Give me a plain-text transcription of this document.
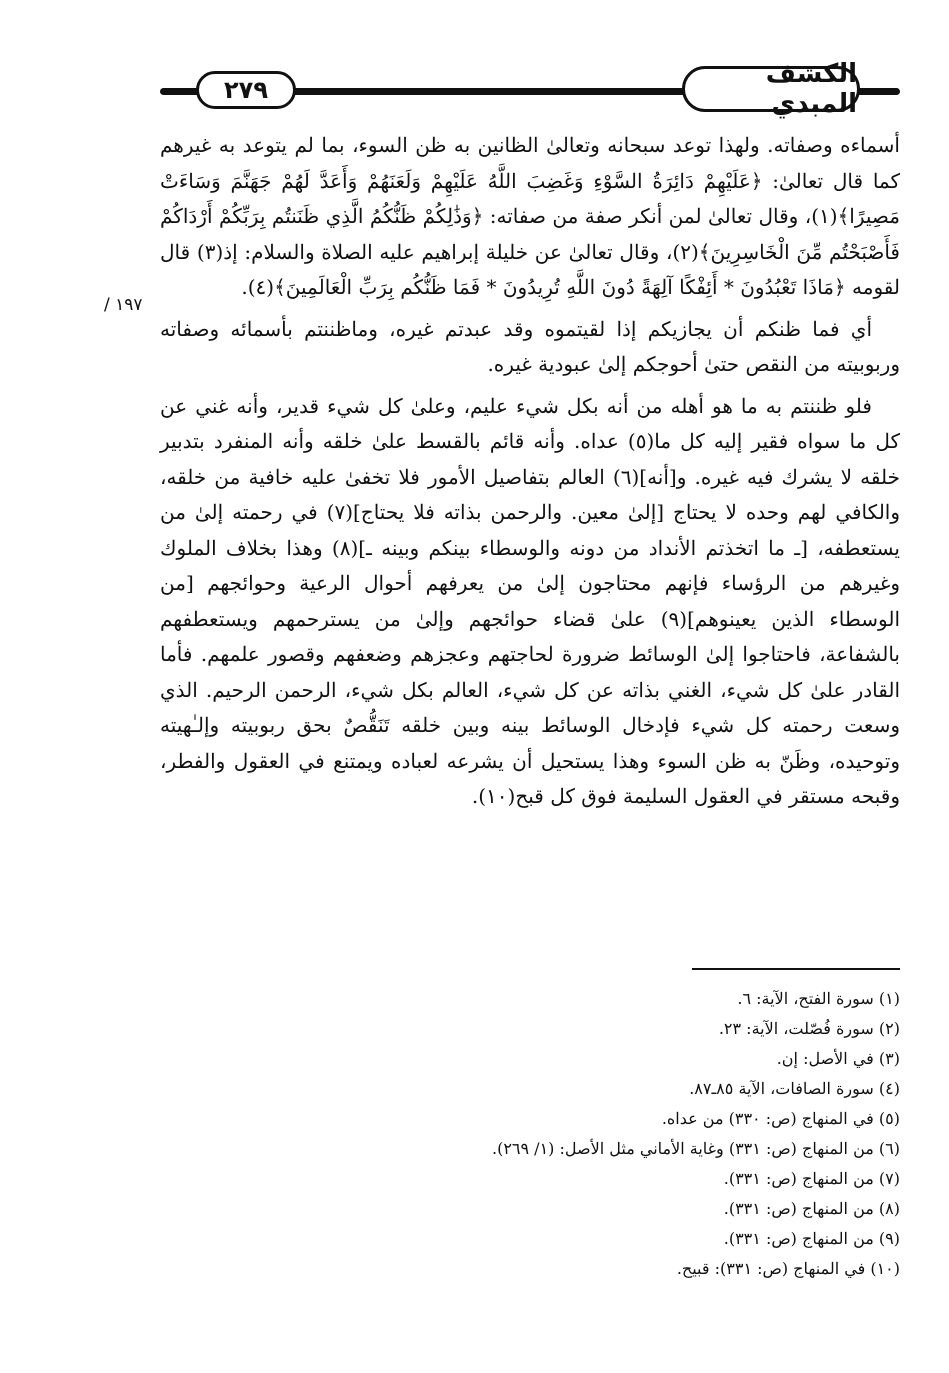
٢٧٩
الكشف المبدي
/ ١٩٧

أسماءه وصفاته. ولهذا توعد سبحانه وتعالىٰ الظانين به ظن السوء، بما لم يتوعد به غيرهم كما قال تعالىٰ: ﴿عَلَيْهِمْ دَائِرَةُ السَّوْءِ وَغَضِبَ اللَّهُ عَلَيْهِمْ وَلَعَنَهُمْ وَأَعَدَّ لَهُمْ جَهَنَّمَ وَسَاءَتْ مَصِيرًا﴾(١)، وقال تعالىٰ لمن أنكر صفة من صفاته: ﴿وَذَٰلِكُمْ ظَنُّكُمُ الَّذِي ظَنَنتُم بِرَبِّكُمْ أَرْدَاكُمْ فَأَصْبَحْتُم مِّنَ الْخَاسِرِينَ﴾(٢)، وقال تعالىٰ عن خليلة إبراهيم عليه الصلاة والسلام: إذ(٣) قال لقومه ﴿مَاذَا تَعْبُدُونَ * أَئِفْكًا آلِهَةً دُونَ اللَّهِ تُرِيدُونَ * فَمَا ظَنُّكُم بِرَبِّ الْعَالَمِينَ﴾(٤).

أي فما ظنكم أن يجازيكم إذا لقيتموه وقد عبدتم غيره، وماظننتم بأسمائه وصفاته وربوبيته من النقص حتىٰ أحوجكم إلىٰ عبودية غيره.

فلو ظننتم به ما هو أهله من أنه بكل شيء عليم، وعلىٰ كل شيء قدير، وأنه غني عن كل ما سواه فقير إليه كل ما(٥) عداه. وأنه قائم بالقسط علىٰ خلقه وأنه المنفرد بتدبير خلقه لا يشرك فيه غيره. و[أنه](٦) العالم بتفاصيل الأمور فلا تخفىٰ عليه خافية من خلقه، والكافي لهم وحده لا يحتاج [إلىٰ معين. والرحمن بذاته فلا يحتاج](٧) في رحمته إلىٰ من يستعطفه، [ـ ما اتخذتم الأنداد من دونه والوسطاء بينكم وبينه ـ](٨) وهذا بخلاف الملوك وغيرهم من الرؤساء فإنهم محتاجون إلىٰ من يعرفهم أحوال الرعية وحوائجهم [من الوسطاء الذين يعينوهم](٩) علىٰ قضاء حوائجهم وإلىٰ من يسترحمهم ويستعطفهم بالشفاعة، فاحتاجوا إلىٰ الوسائط ضرورة لحاجتهم وعجزهم وضعفهم وقصور علمهم. فأما القادر علىٰ كل شيء، الغني بذاته عن كل شيء، العالم بكل شيء، الرحمن الرحيم. الذي وسعت رحمته كل شيء فإدخال الوسائط بينه وبين خلقه تَنَقُّصٌ بحق ربوبيته وإلـٰهيته وتوحيده، وظَنّ به ظن السوء وهذا يستحيل أن يشرعه لعباده ويمتنع في العقول والفطر، وقبحه مستقر في العقول السليمة فوق كل قبح(١٠).

(١) سورة الفتح، الآية: ٦.
(٢) سورة فُصّلت، الآية: ٢٣.
(٣) في الأصل: إن.
(٤) سورة الصافات، الآية ٨٥ـ٨٧.
(٥) في المنهاج (ص: ٣٣٠) من عداه.
(٦) من المنهاج (ص: ٣٣١) وغاية الأماني مثل الأصل: (١/ ٢٦٩).
(٧) من المنهاج (ص: ٣٣١).
(٨) من المنهاج (ص: ٣٣١).
(٩) من المنهاج (ص: ٣٣١).
(١٠) في المنهاج (ص: ٣٣١): قبيح.
